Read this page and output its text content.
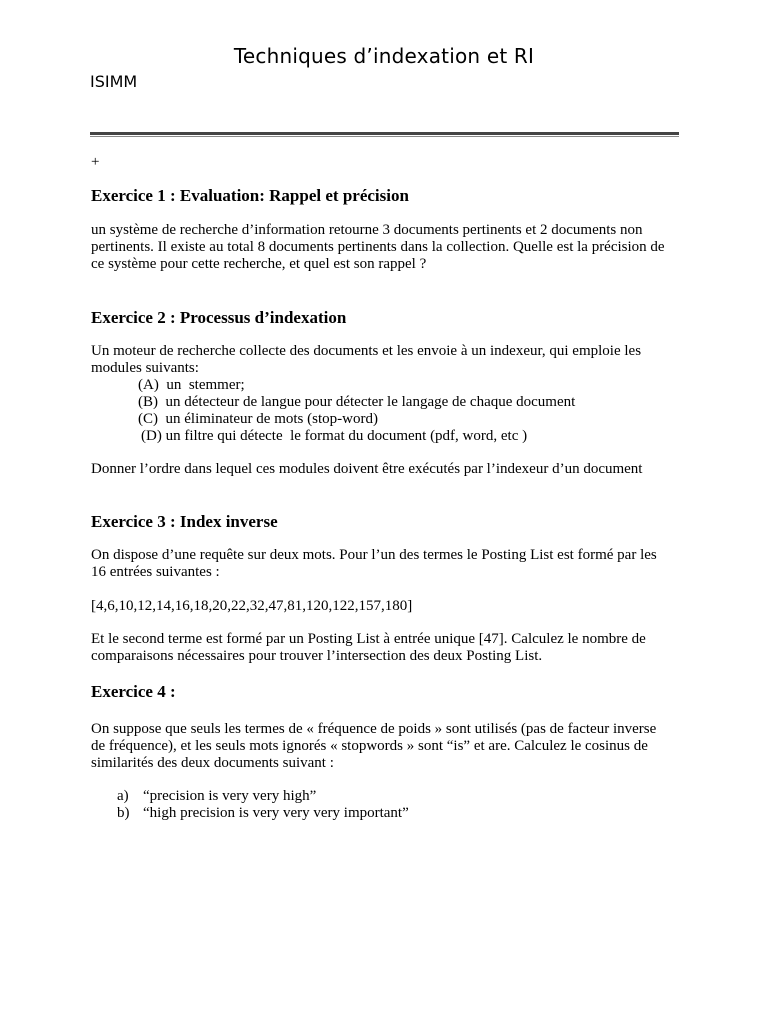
Techniques d’indexation et RI
ISIMM
+
Exercice 1 : Evaluation: Rappel et précision

un système de recherche d’information retourne 3 documents pertinents et 2 documents non pertinents. Il existe au total 8 documents pertinents dans la collection. Quelle est la précision de ce système pour cette recherche, et quel est son rappel ?

Exercice 2 : Processus d’indexation

Un moteur de recherche collecte des documents et les envoie à un indexeur, qui emploie les modules suivants:

(A)  un  stemmer;
(B)  un détecteur de langue pour détecter le langage de chaque document
(C)  un éliminateur de mots (stop-word)
(D) un filtre qui détecte  le format du document (pdf, word, etc )

Donner l’ordre dans lequel ces modules doivent être exécutés par l’indexeur d’un document

Exercice 3 : Index inverse

On dispose d’une requête sur deux mots. Pour l’un des termes le Posting List est formé par les 16 entrées suivantes :

[4,6,10,12,14,16,18,20,22,32,47,81,120,122,157,180]

Et le second terme est formé par un Posting List à entrée unique [47]. Calculez le nombre de comparaisons nécessaires pour trouver l’intersection des deux Posting List.

Exercice 4 :

On suppose que seuls les termes de « fréquence de poids » sont utilisés (pas de facteur inverse de fréquence), et les seuls mots ignorés « stopwords » sont “is” et are. Calculez le cosinus de similarités des deux documents suivant :

a) “precision is very very high”
b) “high precision is very very very important”
